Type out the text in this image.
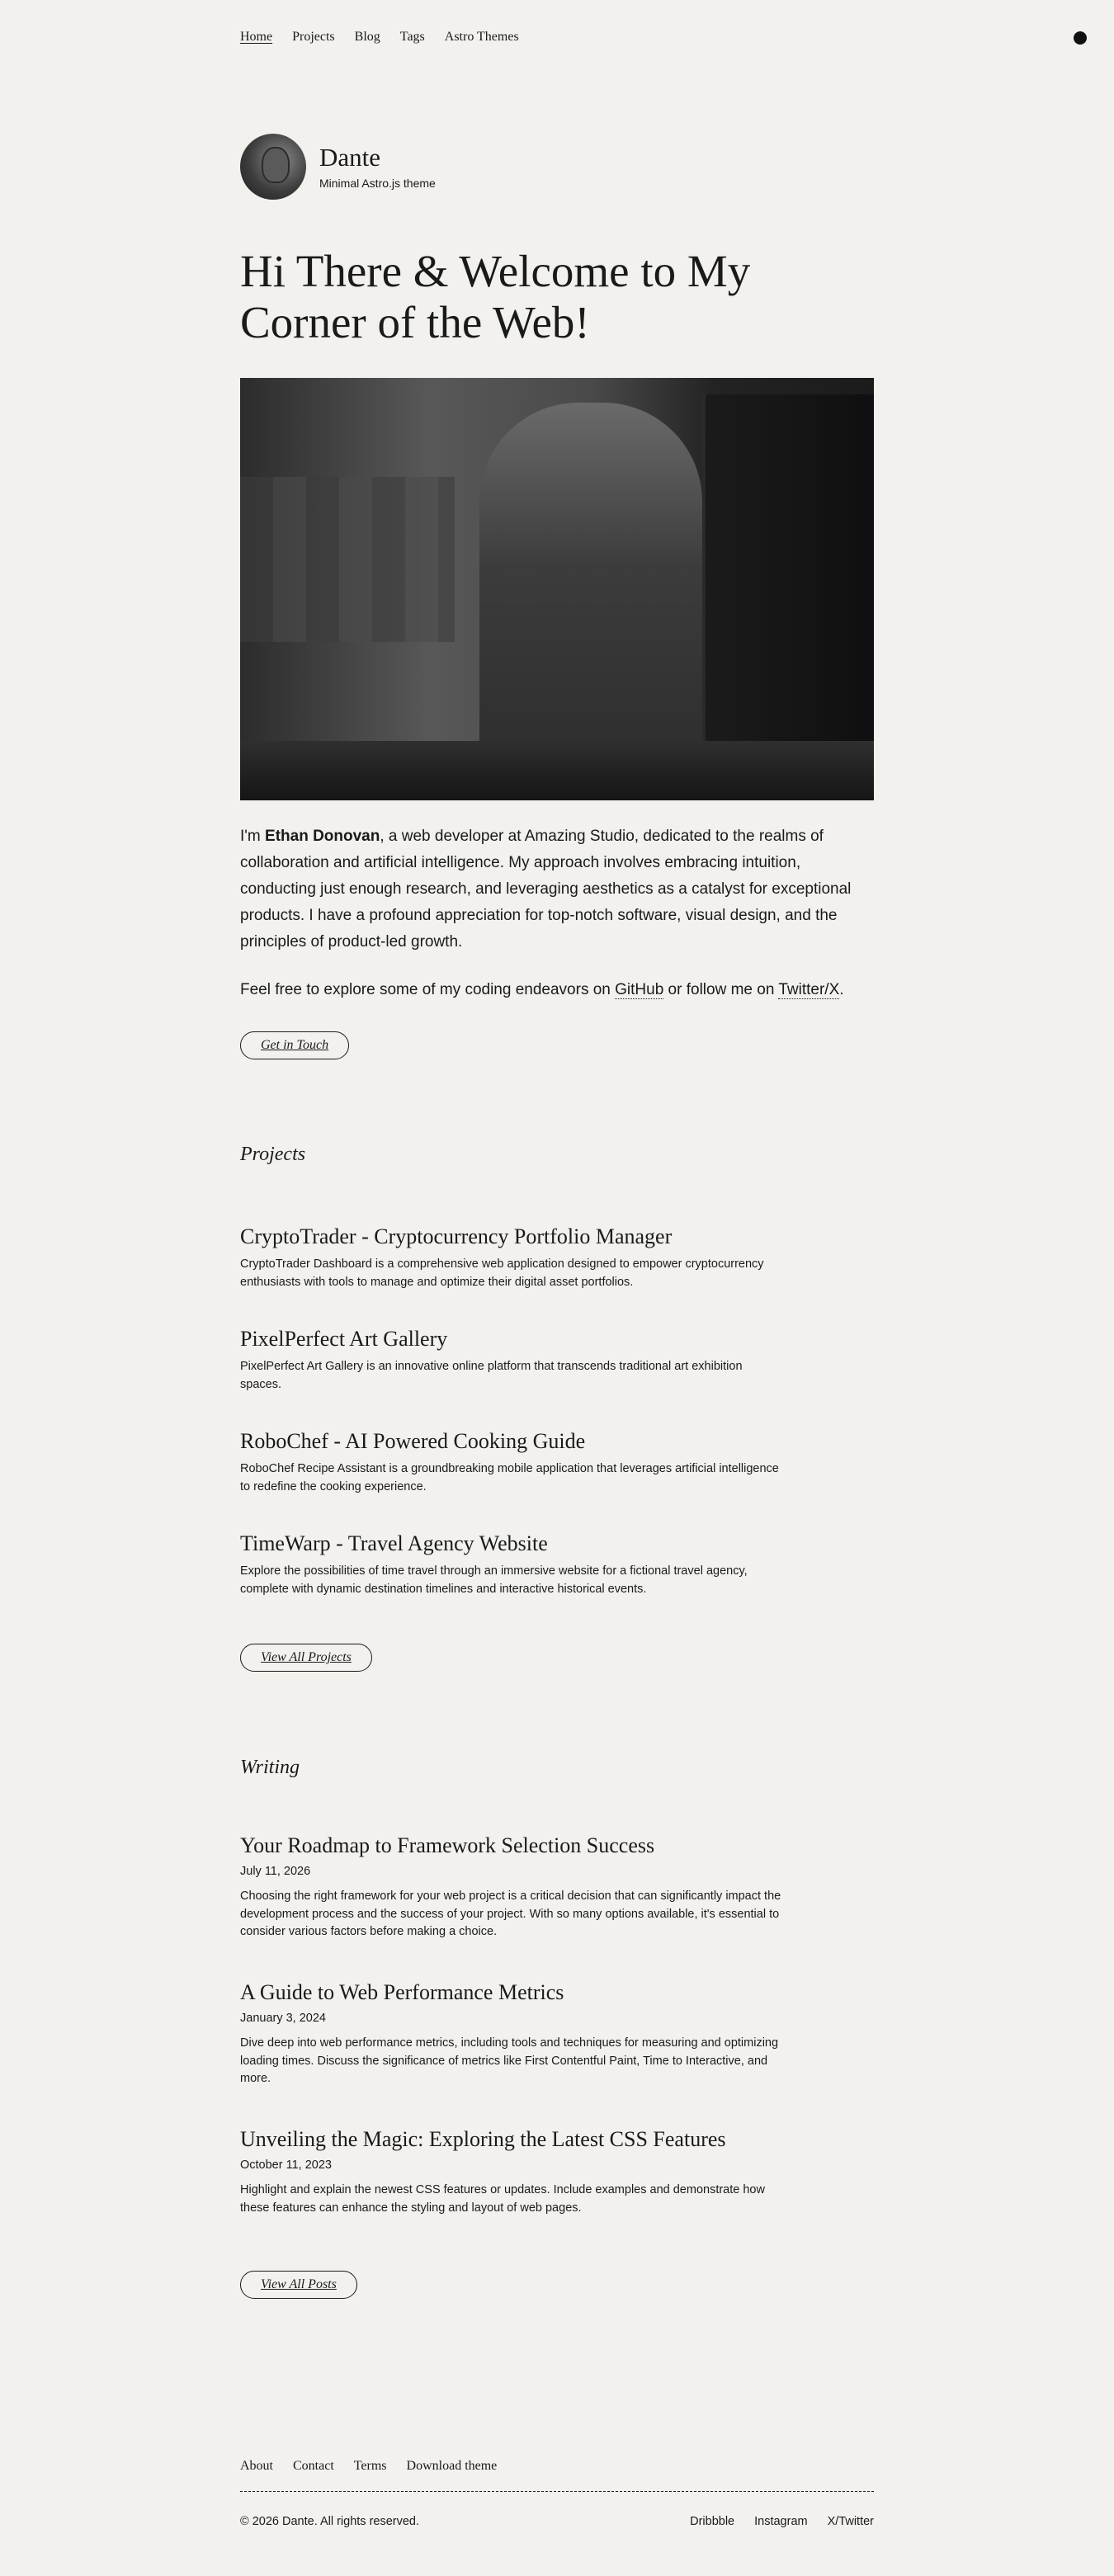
Home Projects Blog Tags Astro Themes

Dante

Minimal Astro.js theme
Hi There & Welcome to My Corner of the Web!

I'm Ethan Donovan, a web developer at Amazing Studio, dedicated to the realms of collaboration and artificial intelligence. My approach involves embracing intuition, conducting just enough research, and leveraging aesthetics as a catalyst for exceptional products. I have a profound appreciation for top-notch software, visual design, and the principles of product-led growth.

Feel free to explore some of my coding endeavors on GitHub or follow me on Twitter/X.

Get in Touch
Projects
CryptoTrader - Cryptocurrency Portfolio Manager

CryptoTrader Dashboard is a comprehensive web application designed to empower cryptocurrency enthusiasts with tools to manage and optimize their digital asset portfolios.

PixelPerfect Art Gallery

PixelPerfect Art Gallery is an innovative online platform that transcends traditional art exhibition spaces.

RoboChef - AI Powered Cooking Guide

RoboChef Recipe Assistant is a groundbreaking mobile application that leverages artificial intelligence to redefine the cooking experience.

TimeWarp - Travel Agency Website

Explore the possibilities of time travel through an immersive website for a fictional travel agency, complete with dynamic destination timelines and interactive historical events.

View All Projects
Writing
Your Roadmap to Framework Selection Success
July 11, 2026

Choosing the right framework for your web project is a critical decision that can significantly impact the development process and the success of your project. With so many options available, it's essential to consider various factors before making a choice.

A Guide to Web Performance Metrics
January 3, 2024

Dive deep into web performance metrics, including tools and techniques for measuring and optimizing loading times. Discuss the significance of metrics like First Contentful Paint, Time to Interactive, and more.

Unveiling the Magic: Exploring the Latest CSS Features
October 11, 2023

Highlight and explain the newest CSS features or updates. Include examples and demonstrate how these features can enhance the styling and layout of web pages.

View All Posts
About Contact Terms Download theme
© 2026 Dante. All rights reserved.	Dribbble Instagram X/Twitter
